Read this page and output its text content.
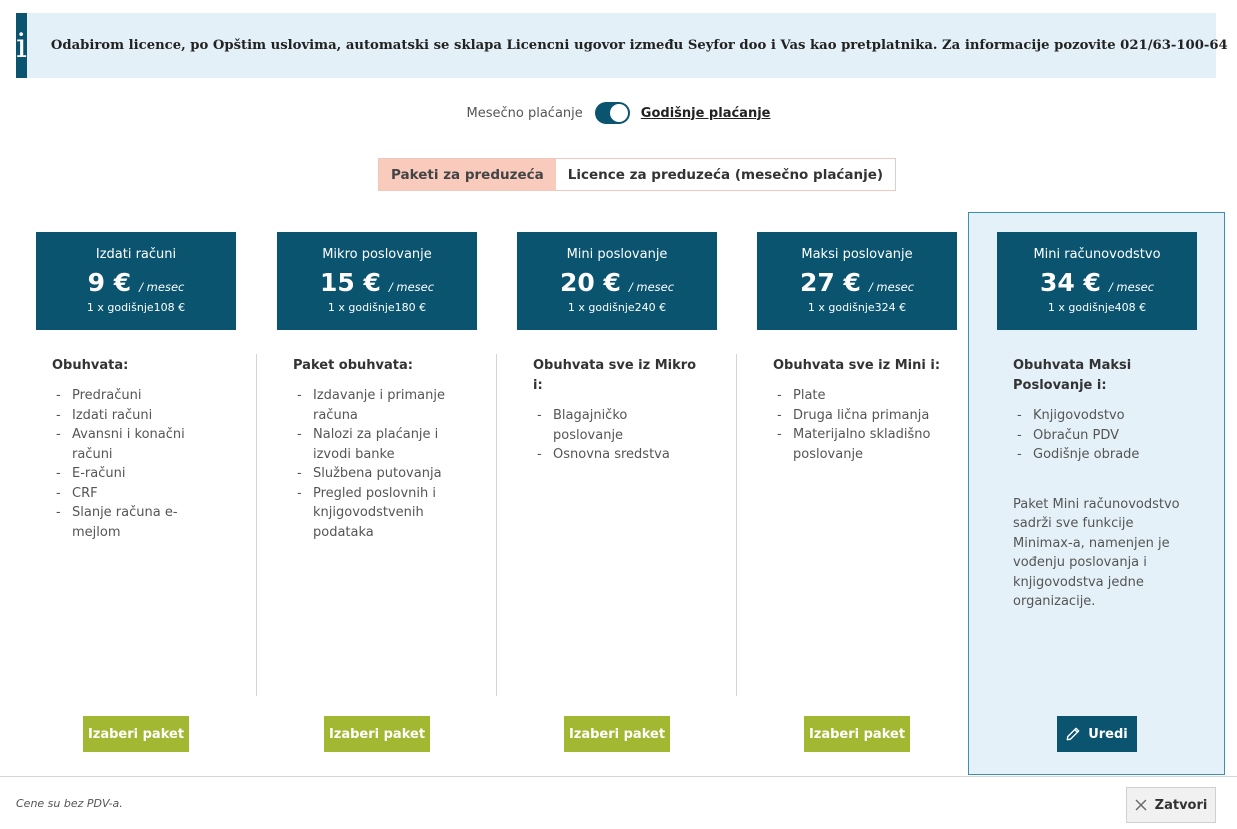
i Odabirom licence, po Opštim uslovima, automatski se sklapa Licencni ugovor između Seyfor doo i Vas kao pretplatnika. Za informacije pozovite 021/63-100-64
Mesečno plaćanje	Godišnje plaćanje
Paketi za preduzeća	Licence za preduzeća (mesečno plaćanje)
Izdati računi
9 € / mesec
1 x godišnje108 €
Obuhvata:
- Predračuni
- Izdati računi
- Avansni i konačni računi
- E-računi
- CRF
- Slanje računa e-mejlom
Mikro poslovanje
15 € / mesec
1 x godišnje180 €
Paket obuhvata:
- Izdavanje i primanje računa
- Nalozi za plaćanje i izvodi banke
- Službena putovanja
- Pregled poslovnih i knjigovodstvenih podataka
Mini poslovanje
20 € / mesec
1 x godišnje240 €
Obuhvata sve iz Mikro i:
- Blagajničko poslovanje
- Osnovna sredstva
Maksi poslovanje
27 € / mesec
1 x godišnje324 €
Obuhvata sve iz Mini i:
- Plate
- Druga lična primanja
- Materijalno skladišno poslovanje
Mini računovodstvo
34 € / mesec
1 x godišnje408 €
Obuhvata Maksi Poslovanje i:
- Knjigovodstvo
- Obračun PDV
- Godišnje obrade
Paket Mini računovodstvo sadrži sve funkcije Minimax-a, namenjen je vođenju poslovanja i knjigovodstva jedne organizacije.
Izaberi paket	Izaberi paket	Izaberi paket	Izaberi paket	Uredi
Cene su bez PDV-a.	Zatvori
